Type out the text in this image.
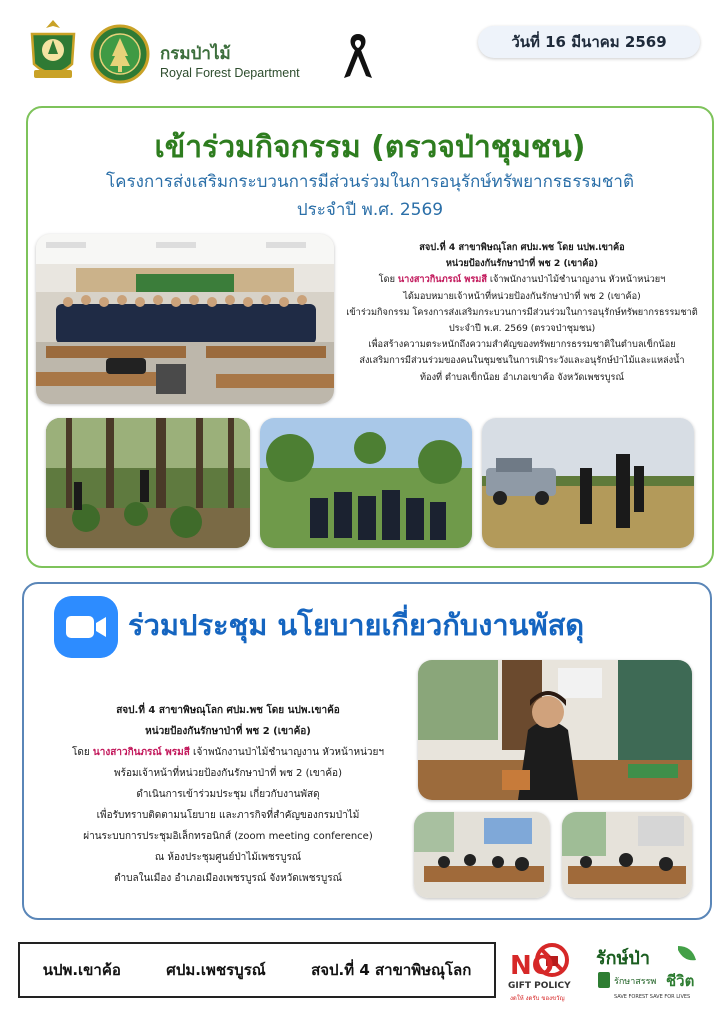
กรมป่าไม้
Royal Forest Department
วันที่ 16 มีนาคม 2569
เข้าร่วมกิจกรรม (ตรวจป่าชุมชน)
โครงการส่งเสริมกระบวนการมีส่วนร่วมในการอนุรักษ์ทรัพยากรธรรมชาติ
ประจำปี พ.ศ. 2569
สจป.ที่ 4 สาขาพิษณุโลก ศปม.พช โดย นปพ.เขาค้อ
หน่วยป้องกันรักษาป่าที่ พช 2 (เขาค้อ)
โดย นางสาวกินภรณ์ พรมสี เจ้าพนักงานป่าไม้ชำนาญงาน หัวหน้าหน่วยฯ
ได้มอบหมายเจ้าหน้าที่หน่วยป้องกันรักษาป่าที่ พช 2 (เขาค้อ)
เข้าร่วมกิจกรรม โครงการส่งเสริมกระบวนการมีส่วนร่วมในการอนุรักษ์ทรัพยากรธรรมชาติ
ประจำปี พ.ศ. 2569 (ตรวจป่าชุมชน)
เพื่อสร้างความตระหนักถึงความสำคัญของทรัพยากรธรรมชาติในตำบลเข็กน้อย
ส่งเสริมการมีส่วนร่วมของคนในชุมชนในการเฝ้าระวังและอนุรักษ์ป่าไม้และแหล่งน้ำ
ท้องที่ ตำบลเข็กน้อย อำเภอเขาค้อ จังหวัดเพชรบูรณ์
ร่วมประชุม นโยบายเกี่ยวกับงานพัสดุ
สจป.ที่ 4 สาขาพิษณุโลก ศปม.พช โดย นปพ.เขาค้อ
หน่วยป้องกันรักษาป่าที่ พช 2 (เขาค้อ)
โดย นางสาวกินภรณ์ พรมสี เจ้าพนักงานป่าไม้ชำนาญงาน หัวหน้าหน่วยฯ
พร้อมเจ้าหน้าที่หน่วยป้องกันรักษาป่าที่ พช 2 (เขาค้อ)
ดำเนินการเข้าร่วมประชุม เกี่ยวกับงานพัสดุ
เพื่อรับทราบติดตามนโยบาย และภารกิจที่สำคัญของกรมป่าไม้
ผ่านระบบการประชุมอิเล็กทรอนิกส์ (zoom meeting conference)
ณ ห้องประชุมศูนย์ป่าไม้เพชรบูรณ์
ตำบลในเมือง อำเภอเมืองเพชรบูรณ์ จังหวัดเพชรบูรณ์
นปพ.เขาค้อ	ศปม.เพชรบูรณ์	สจป.ที่ 4 สาขาพิษณุโลก NO
GIFT POLICY
งดให้ งดรับ ของขวัญ
รักษ์ป่า
รักษาสรรพ ชีวิต
SAVE FOREST SAVE FOR LIVES
